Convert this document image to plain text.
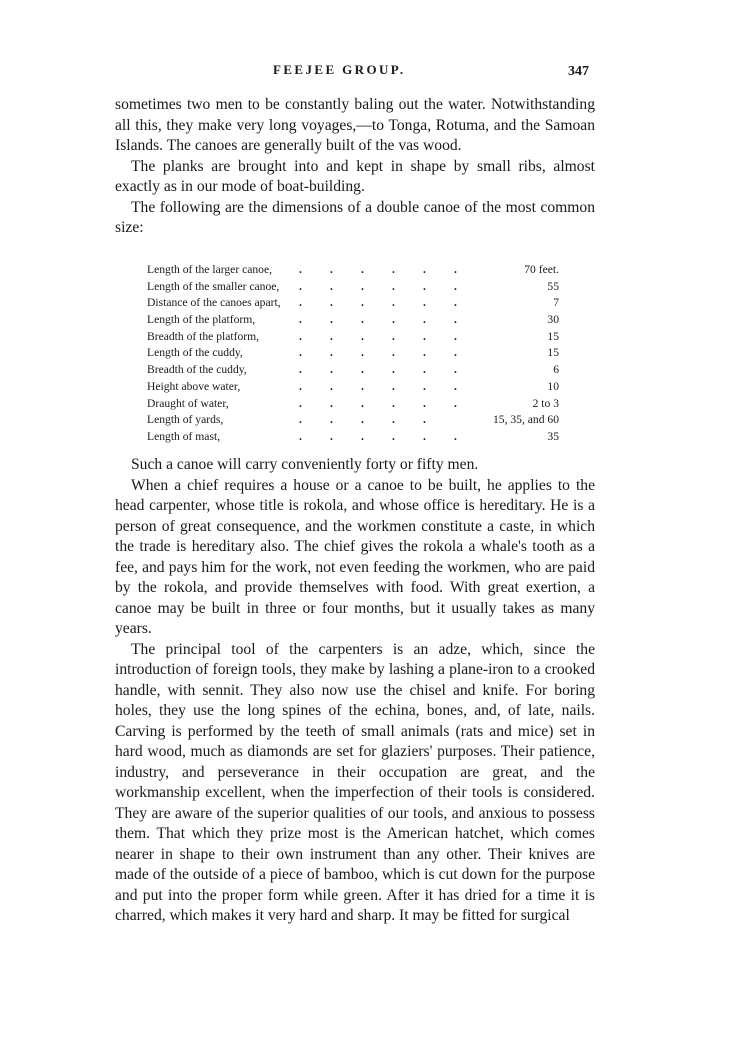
FEEJEE GROUP.	347

sometimes two men to be constantly baling out the water. Notwithstanding all this, they make very long voyages,—to Tonga, Rotuma, and the Samoan Islands. The canoes are generally built of the vas wood.

The planks are brought into and kept in shape by small ribs, almost exactly as in our mode of boat-building.

The following are the dimensions of a double canoe of the most common size:

Length of the larger canoe,	. . . . . .	70 feet.
Length of the smaller canoe,	. . . . . .	55
Distance of the canoes apart,	. . . . . .	7
Length of the platform,	. . . . . .	30
Breadth of the platform,	. . . . . .	15
Length of the cuddy,	. . . . . .	15
Breadth of the cuddy,	. . . . . .	6
Height above water,	. . . . . .	10
Draught of water,	. . . . . .	2 to 3
Length of yards,	. . . . .	15, 35, and 60
Length of mast,	. . . . . .	35

Such a canoe will carry conveniently forty or fifty men.

When a chief requires a house or a canoe to be built, he applies to the head carpenter, whose title is rokola, and whose office is hereditary. He is a person of great consequence, and the workmen constitute a caste, in which the trade is hereditary also. The chief gives the rokola a whale's tooth as a fee, and pays him for the work, not even feeding the workmen, who are paid by the rokola, and provide themselves with food. With great exertion, a canoe may be built in three or four months, but it usually takes as many years.

The principal tool of the carpenters is an adze, which, since the introduction of foreign tools, they make by lashing a plane-iron to a crooked handle, with sennit. They also now use the chisel and knife. For boring holes, they use the long spines of the echina, bones, and, of late, nails. Carving is performed by the teeth of small animals (rats and mice) set in hard wood, much as diamonds are set for glaziers' purposes. Their patience, industry, and perseverance in their occupation are great, and the workmanship excellent, when the imperfection of their tools is considered. They are aware of the superior qualities of our tools, and anxious to possess them. That which they prize most is the American hatchet, which comes nearer in shape to their own instrument than any other. Their knives are made of the outside of a piece of bamboo, which is cut down for the purpose and put into the proper form while green. After it has dried for a time it is charred, which makes it very hard and sharp. It may be fitted for surgical
